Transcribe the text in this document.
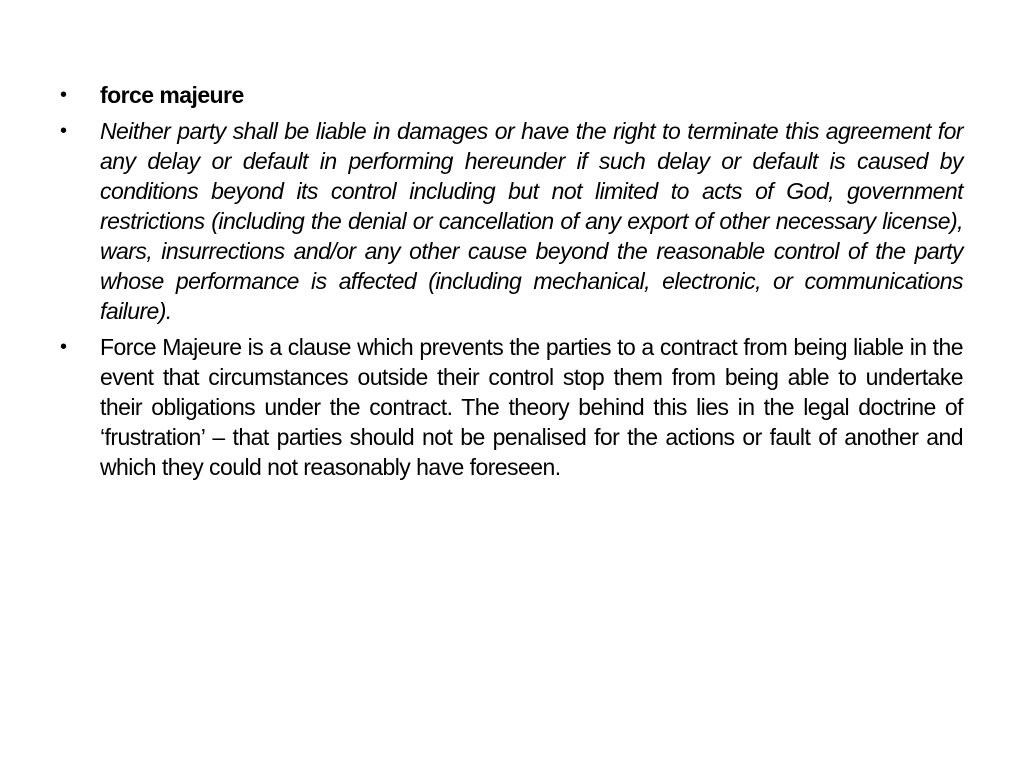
•	force majeure
•	Neither party shall be liable in damages or have the right to terminate this agreement for any delay or default in performing hereunder if such delay or default is caused by conditions beyond its control including but not limited to acts of God, government restrictions (including the denial or cancellation of any export of other necessary license), wars, insurrections and/or any other cause beyond the reasonable control of the party whose performance is affected (including mechanical, electronic, or communications failure).
•	Force Majeure is a clause which prevents the parties to a contract from being liable in the event that circumstances outside their control stop them from being able to undertake their obligations under the contract. The theory behind this lies in the legal doctrine of ‘frustration’ – that parties should not be penalised for the actions or fault of another and which they could not reasonably have foreseen.
